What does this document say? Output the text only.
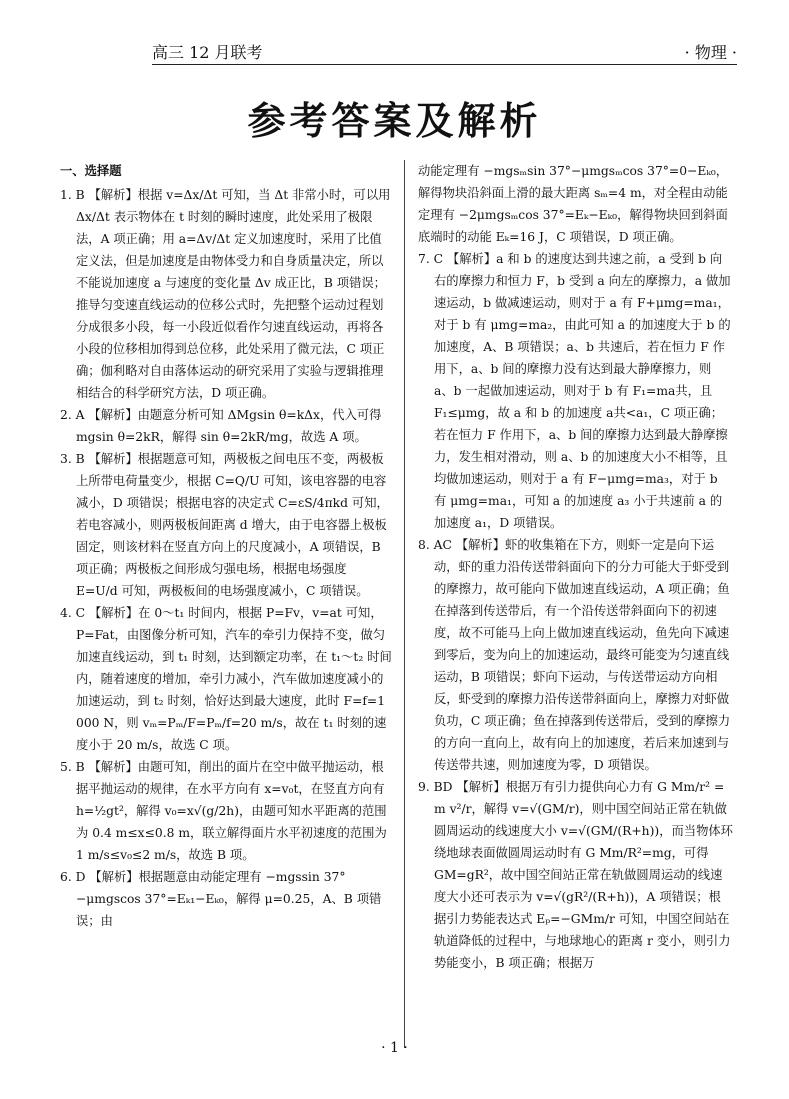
高三 12 月联考	· 物理 ·
参考答案及解析

一、选择题

1. B 【解析】根据 v=Δx/Δt 可知，当 Δt 非常小时，可以用 Δx/Δt 表示物体在 t 时刻的瞬时速度，此处采用了极限法，A 项正确；用 a=Δv/Δt 定义加速度时，采用了比值定义法，但是加速度是由物体受力和自身质量决定，所以不能说加速度 a 与速度的变化量 Δv 成正比，B 项错误；推导匀变速直线运动的位移公式时，先把整个运动过程划分成很多小段，每一小段近似看作匀速直线运动，再将各小段的位移相加得到总位移，此处采用了微元法，C 项正确；伽利略对自由落体运动的研究采用了实验与逻辑推理相结合的科学研究方法，D 项正确。

2. A 【解析】由题意分析可知 ΔMgsin θ=kΔx，代入可得 mgsin θ=2kR，解得 sin θ=2kR/mg，故选 A 项。

3. B 【解析】根据题意可知，两极板之间电压不变，两极板上所带电荷量变少，根据 C=Q/U 可知，该电容器的电容减小，D 项错误；根据电容的决定式 C=εS/4πkd 可知，若电容减小，则两极板间距离 d 增大，由于电容器上极板固定，则该材料在竖直方向上的尺度减小，A 项错误，B 项正确；两极板之间形成匀强电场，根据电场强度 E=U/d 可知，两极板间的电场强度减小，C 项错误。

4. C 【解析】在 0～t₁ 时间内，根据 P=Fv，v=at 可知，P=Fat，由图像分析可知，汽车的牵引力保持不变，做匀加速直线运动，到 t₁ 时刻，达到额定功率，在 t₁～t₂ 时间内，随着速度的增加，牵引力减小，汽车做加速度减小的加速运动，到 t₂ 时刻，恰好达到最大速度，此时 F=f=1 000 N，则 vₘ=Pₘ/F=Pₘ/f=20 m/s，故在 t₁ 时刻的速度小于 20 m/s，故选 C 项。

5. B 【解析】由题可知，削出的面片在空中做平抛运动，根据平抛运动的规律，在水平方向有 x=v₀t，在竖直方向有 h=½gt²，解得 v₀=x√(g/2h)，由题可知水平距离的范围为 0.4 m≤x≤0.8 m，联立解得面片水平初速度的范围为 1 m/s≤v₀≤2 m/s，故选 B 项。

6. D 【解析】根据题意由动能定理有 −mgssin 37°−μmgscos 37°=Eₖ₁−Eₖ₀，解得 μ=0.25，A、B 项错误；由

动能定理有 −mgsₘsin 37°−μmgsₘcos 37°=0−Eₖ₀，解得物块沿斜面上滑的最大距离 sₘ=4 m，对全程由动能定理有 −2μmgsₘcos 37°=Eₖ−Eₖ₀，解得物块回到斜面底端时的动能 Eₖ=16 J，C 项错误，D 项正确。

7. C 【解析】a 和 b 的速度达到共速之前，a 受到 b 向右的摩擦力和恒力 F，b 受到 a 向左的摩擦力，a 做加速运动，b 做减速运动，则对于 a 有 F+μmg=ma₁，对于 b 有 μmg=ma₂，由此可知 a 的加速度大于 b 的加速度，A、B 项错误；a、b 共速后，若在恒力 F 作用下，a、b 间的摩擦力没有达到最大静摩擦力，则 a、b 一起做加速运动，则对于 b 有 F₁=ma共，且 F₁≤μmg，故 a 和 b 的加速度 a共<a₁，C 项正确；若在恒力 F 作用下，a、b 间的摩擦力达到最大静摩擦力，发生相对滑动，则 a、b 的加速度大小不相等，且均做加速运动，则对于 a 有 F−μmg=ma₃，对于 b 有 μmg=ma₁，可知 a 的加速度 a₃ 小于共速前 a 的加速度 a₁，D 项错误。

8. AC 【解析】虾的收集箱在下方，则虾一定是向下运动，虾的重力沿传送带斜面向下的分力可能大于虾受到的摩擦力，故可能向下做加速直线运动，A 项正确；鱼在掉落到传送带后，有一个沿传送带斜面向下的初速度，故不可能马上向上做加速直线运动，鱼先向下减速到零后，变为向上的加速运动，最终可能变为匀速直线运动，B 项错误；虾向下运动，与传送带运动方向相反，虾受到的摩擦力沿传送带斜面向上，摩擦力对虾做负功，C 项正确；鱼在掉落到传送带后，受到的摩擦力的方向一直向上，故有向上的加速度，若后来加速到与传送带共速，则加速度为零，D 项错误。

9. BD 【解析】根据万有引力提供向心力有 G Mm/r² = m v²/r，解得 v=√(GM/r)，则中国空间站正常在轨做圆周运动的线速度大小 v=√(GM/(R+h))，而当物体环绕地球表面做圆周运动时有 G Mm/R²=mg，可得 GM=gR²，故中国空间站正常在轨做圆周运动的线速度大小还可表示为 v=√(gR²/(R+h))，A 项错误；根据引力势能表达式 Eₚ=−GMm/r 可知，中国空间站在轨道降低的过程中，与地球地心的距离 r 变小，则引力势能变小，B 项正确；根据万

· 1 ·
